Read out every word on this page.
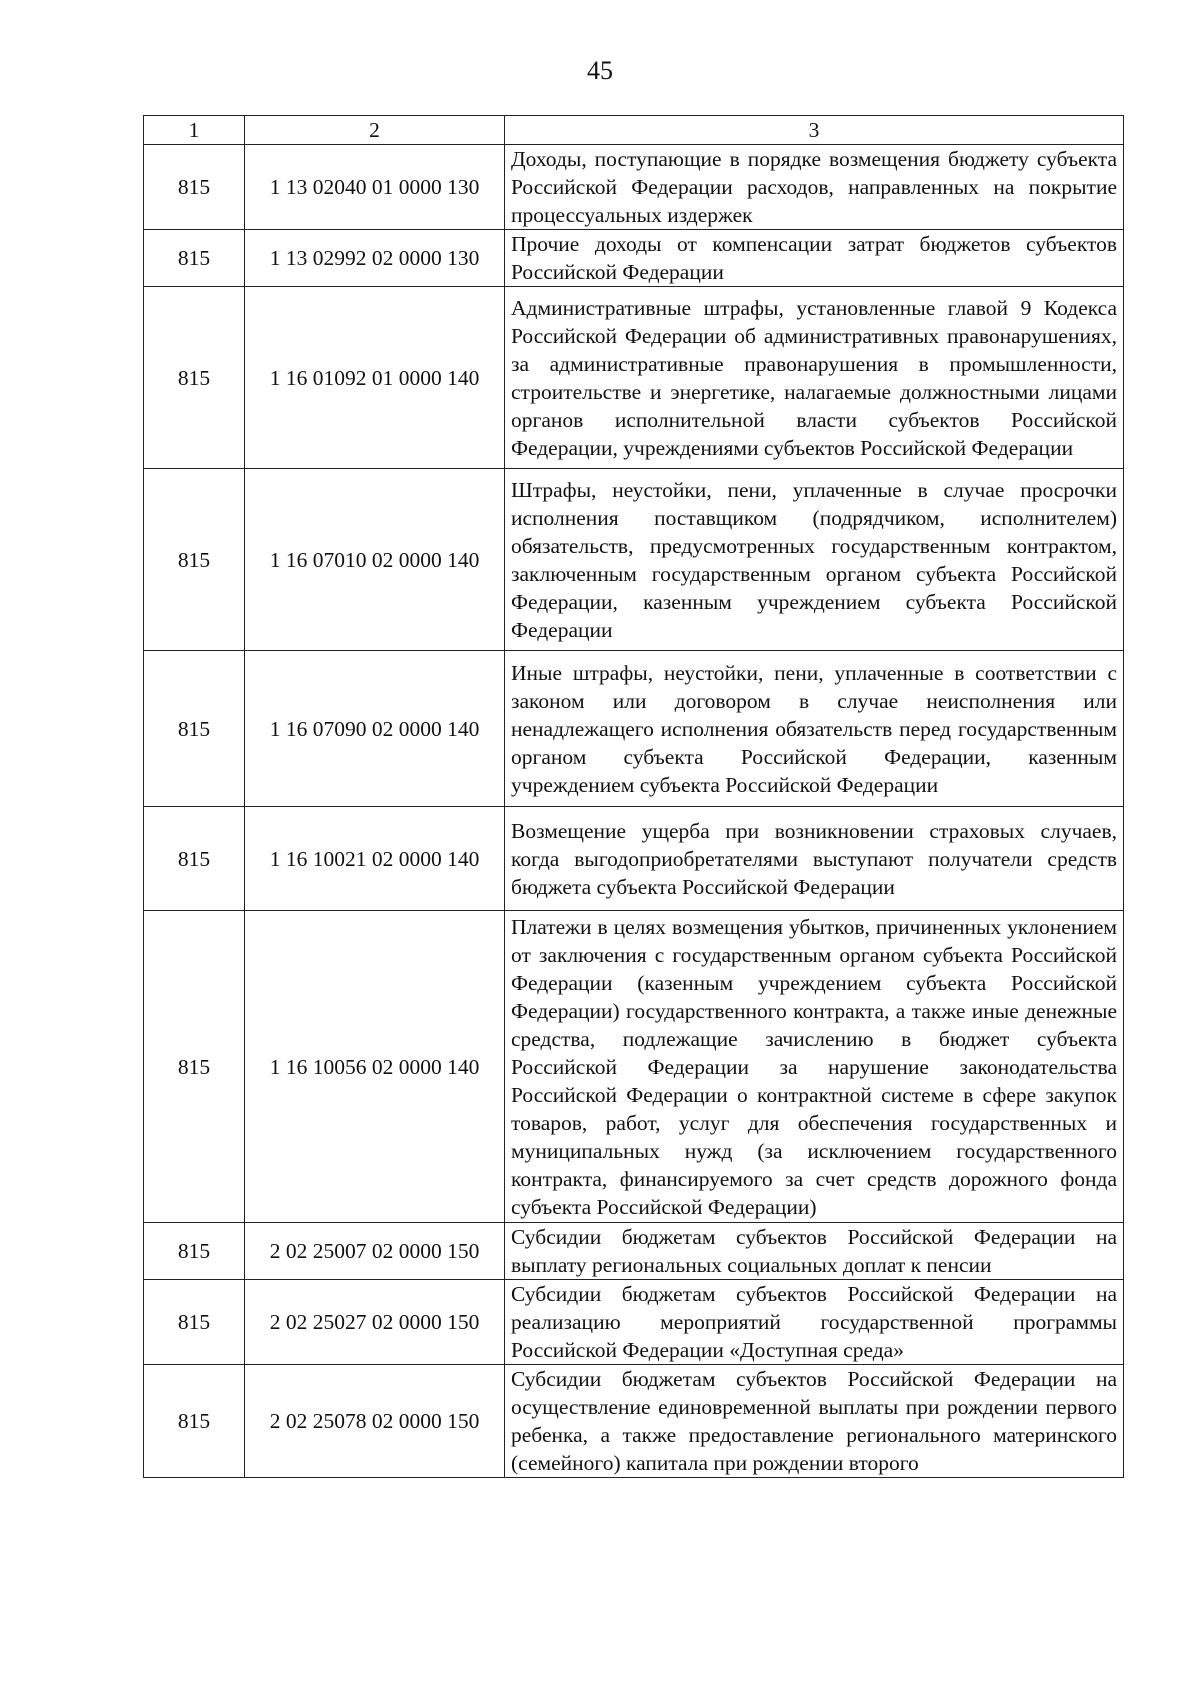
45
1	2	3
815	1 13 02040 01 0000 130	Доходы, поступающие в порядке возмещения бюджету субъекта Российской Федерации расходов, направленных на покрытие процессуальных издержек
815	1 13 02992 02 0000 130	Прочие доходы от компенсации затрат бюджетов субъектов Российской Федерации
815	1 16 01092 01 0000 140	Административные штрафы, установленные главой 9 Кодекса Российской Федерации об административных правонарушениях, за административные правонарушения в промышленности, строительстве и энергетике, налагаемые должностными лицами органов исполнительной власти субъектов Российской Федерации, учреждениями субъектов Российской Федерации
815	1 16 07010 02 0000 140	Штрафы, неустойки, пени, уплаченные в случае просрочки исполнения поставщиком (подрядчиком, исполнителем) обязательств, предусмотренных государственным контрактом, заключенным государственным органом субъекта Российской Федерации, казенным учреждением субъекта Российской Федерации
815	1 16 07090 02 0000 140	Иные штрафы, неустойки, пени, уплаченные в соответствии с законом или договором в случае неисполнения или ненадлежащего исполнения обязательств перед государственным органом субъекта Российской Федерации, казенным учреждением субъекта Российской Федерации
815	1 16 10021 02 0000 140	Возмещение ущерба при возникновении страховых случаев, когда выгодоприобретателями выступают получатели средств бюджета субъекта Российской Федерации
815	1 16 10056 02 0000 140	Платежи в целях возмещения убытков, причиненных уклонением от заключения с государственным органом субъекта Российской Федерации (казенным учреждением субъекта Российской Федерации) государственного контракта, а также иные денежные средства, подлежащие зачислению в бюджет субъекта Российской Федерации за нарушение законодательства Российской Федерации о контрактной системе в сфере закупок товаров, работ, услуг для обеспечения государственных и муниципальных нужд (за исключением государственного контракта, финансируемого за счет средств дорожного фонда субъекта Российской Федерации)
815	2 02 25007 02 0000 150	Субсидии бюджетам субъектов Российской Федерации на выплату региональных социальных доплат к пенсии
815	2 02 25027 02 0000 150	Субсидии бюджетам субъектов Российской Федерации на реализацию мероприятий государственной программы Российской Федерации «Доступная среда»
815	2 02 25078 02 0000 150	Субсидии бюджетам субъектов Российской Федерации на осуществление единовременной выплаты при рождении первого ребенка, а также предоставление регионального материнского (семейного) капитала при рождении второго
